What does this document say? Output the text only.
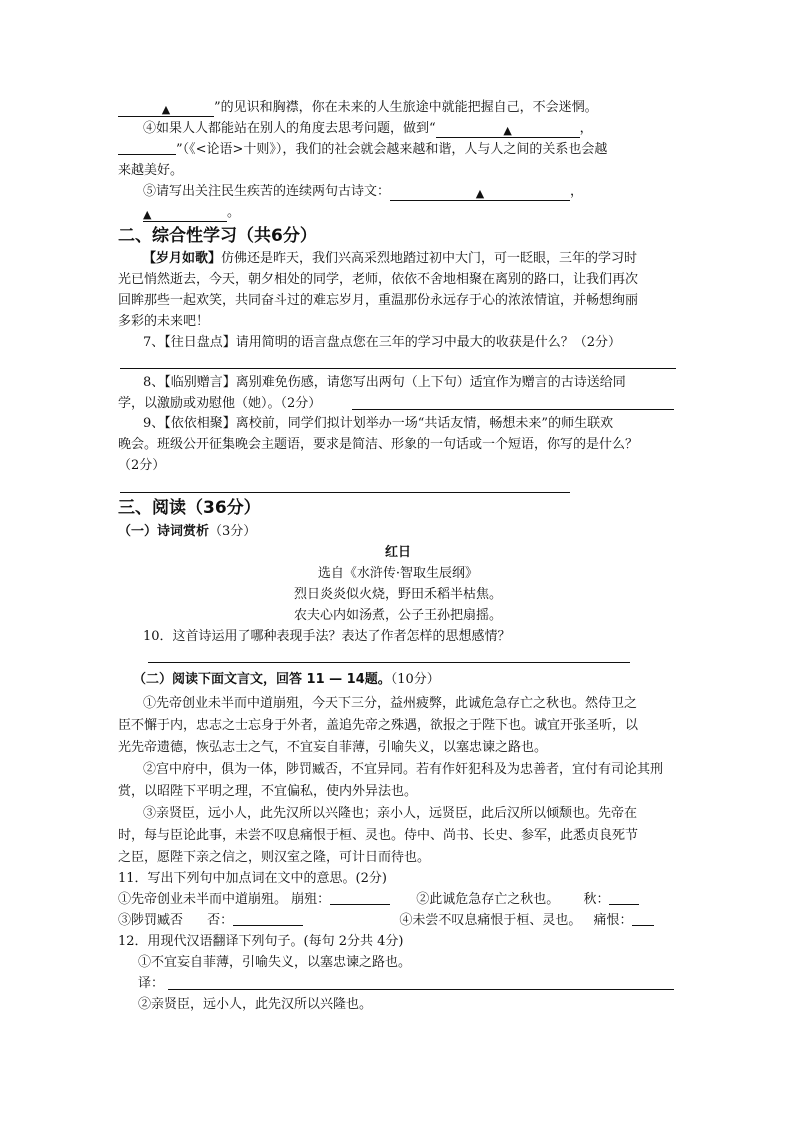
▲	”的见识和胸襟，你在未来的人生旅途中就能把握自己，不会迷惘。
④如果人人都能站在别人的角度去思考问题，做到“	▲	，
”（《<论语>十则》），我们的社会就会越来越和谐，人与人之间的关系也会越
来越美好。
⑤请写出关注民生疾苦的连续两句古诗文：	▲	，
▲	。
二、综合性学习（共6分）
【岁月如歌】仿佛还是昨天，我们兴高采烈地踏过初中大门，可一眨眼，三年的学习时
光已悄然逝去，今天，朝夕相处的同学，老师，依依不舍地相聚在离别的路口，让我们再次
回眸那些一起欢笑，共同奋斗过的难忘岁月，重温那份永远存于心的浓浓情谊，并畅想绚丽
多彩的未来吧！
7、【往日盘点】请用简明的语言盘点您在三年的学习中最大的收获是什么？（2分）
8、【临别赠言】离别难免伤感，请您写出两句（上下句）适宜作为赠言的古诗送给同
学，以激励或劝慰他（她）。（2分）
9、【依依相聚】离校前，同学们拟计划举办一场“共话友情，畅想未来”的师生联欢
晚会。班级公开征集晚会主题语，要求是简洁、形象的一句话或一个短语，你写的是什么？
（2分）
三、阅读（36分）
（一）诗词赏析（3分）
红日
选自《水浒传·智取生辰纲》
烈日炎炎似火烧，野田禾稻半枯焦。
农夫心内如汤煮，公子王孙把扇摇。
10．这首诗运用了哪种表现手法？表达了作者怎样的思想感情？
（二）阅读下面文言文，回答 11 — 14题。（10分）
①先帝创业未半而中道崩殂，今天下三分，益州疲弊，此诚危急存亡之秋也。然侍卫之
臣不懈于内，忠志之士忘身于外者，盖追先帝之殊遇，欲报之于陛下也。诚宜开张圣听，以
光先帝遗德，恢弘志士之气，不宜妄自菲薄，引喻失义，以塞忠谏之路也。
②宫中府中，俱为一体，陟罚臧否，不宜异同。若有作奸犯科及为忠善者，宜付有司论其刑
赏，以昭陛下平明之理，不宜偏私，使内外异法也。
③亲贤臣，远小人，此先汉所以兴隆也；亲小人，远贤臣，此后汉所以倾颓也。先帝在
时，每与臣论此事，未尝不叹息痛恨于桓、灵也。侍中、尚书、长史、参军，此悉贞良死节
之臣，愿陛下亲之信之，则汉室之隆，可计日而待也。
11．写出下列句中加点词在文中的意思。(2分)
①先帝创业未半而中道崩殂。 崩殂：	②此诚危急存亡之秋也。 秋：
③陟罚臧否 否：	④未尝不叹息痛恨于桓、灵也。 痛恨：
12．用现代汉语翻译下列句子。(每句 2分共 4分)
①不宜妄自菲薄，引喻失义，以塞忠谏之路也。
译：
②亲贤臣，远小人，此先汉所以兴隆也。
